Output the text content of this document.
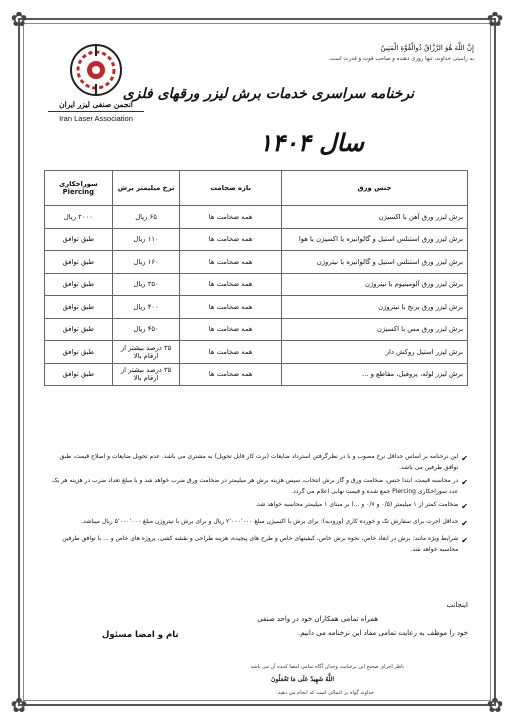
✿	✿
✿	✿
إِنَّ اللَّهَ هُوَ الرَّزَّاقُ ذُوالْقُوَّةِ الْمَتِينُ
به راستی خداوند، تنها روزی دهنده و صاحب قوت و قدرت است.
انجمن صنفی لیزر ایران
Iran Laser Association
نرخنامه سراسری خدمات برش لیزر ورقهای فلزی
سال ۱۴۰۴
جنس ورق	بازه ضخامت	نرخ میلیمتر برش	سوراخکاری
Piercing

برش لیزر ورق آهن با اکسیژن	همه ضخامت ها	۶۵ ریال	۲۰۰۰ ریال
برش لیزر ورق استنلس استیل و گالوانیزه با اکسیژن یا هوا	همه ضخامت ها	۱۱۰ ریال	طبق توافق
برش لیزر ورق استنلس استیل و گالوانیزه با نیتروژن	همه ضخامت ها	۱۶۰ ریال	طبق توافق
برش لیزر ورق آلومینیوم با نیتروژن	همه ضخامت ها	۳۵۰ ریال	طبق توافق
برش لیزر ورق برنج با نیتروژن	همه ضخامت ها	۴۰۰ ریال	طبق توافق
برش لیزر ورق مس با اکسیژن	همه ضخامت ها	۴۵۰ ریال	طبق توافق
برش لیزر استیل روکش دار	همه ضخامت ها	۳۵ درصد بیشتر از ارقام بالا	طبق توافق
برش لیزر لوله، پروفیل، مقاطع و ...	همه ضخامت ها	۳۵ درصد بیشتر از ارقام بالا	طبق توافق
✔
این نرخنامه بر اساس حداقل نرخ مصوب و با در نظرگرفتن استرداد ضایعات (برت کار قابل تحویل) به مشتری می باشد. عدم تحویل ضایعات و اصلاح قیمت، طبق توافق طرفین می باشد.
✔
در محاسبه قیمت، ابتدا جنس، ضخامت ورق و گاز برش انتخاب، سپس هزینه برش هر میلیمتر در ضخامت ورق ضرب خواهد شد و با مبلغ تعداد ضرب در هزینه هر یک عدد سوراخکاری Piercing جمع شده و قیمت نهایی اعلام می گردد.
✔
ضخامت کمتر از ۱ میلیمتر (۰/۵ و ۰/۷ و ...) بر مبنای ۱ میلیمتر محاسبه خواهد شد.
✔
حداقل اجرت برای سفارش تک و خورده کاری (ورودیه): برای برش با اکسیژن مبلغ ۲٬۰۰۰٬۰۰۰ ریال و برای برش با نیتروژن مبلغ ۵٬۰۰۰٬۰۰۰ ریال میباشد.
✔
شرایط ویژه مانند: برش در ابعاد خاص، نحوه برش خاص، کیفیتهای خاص و طرح های پیچیده، هزینه طراحی و نقشه کشی، پروژه های خاص و ... با توافق طرفین محاسبه خواهد شد.
اینجانب
همراه تمامی همکاران خود در واحد صنفی
خود را موظف به رعایت تمامی مفاد این نرخنامه می دانیم.
نام و امضا مسئول
ناظر اجرای صحیح این نرخنامه، وجدان آگاه تمامی امضا کننده آن می باشد.
اللَّهُ شَهِيدٌ عَلَى مَا تَعْمَلُونَ
خداوند گواه بر اعمالی است که انجام می دهید.
